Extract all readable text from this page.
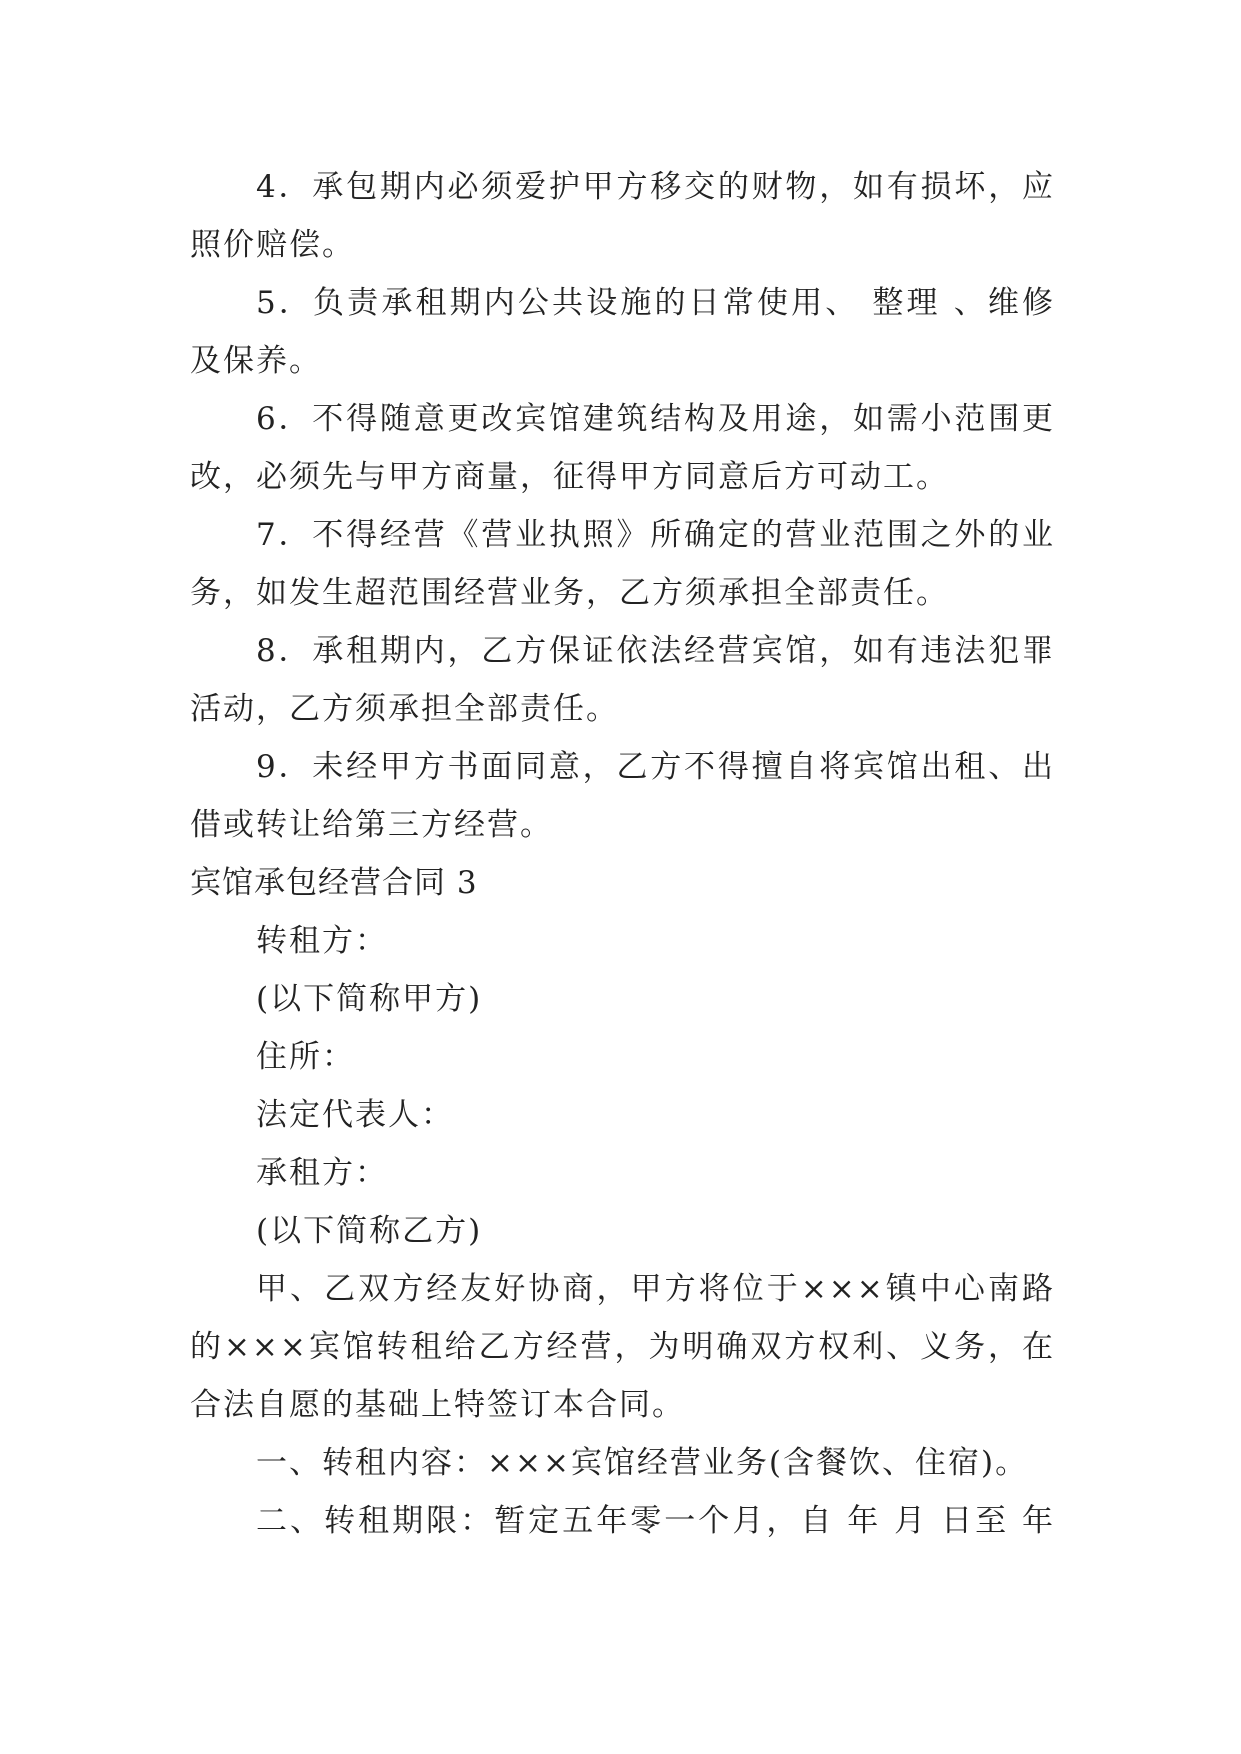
4．承包期内必须爱护甲方移交的财物，如有损坏，应
照价赔偿。
5．负责承租期内公共设施的日常使用、 整理 、维修
及保养。
6．不得随意更改宾馆建筑结构及用途，如需小范围更
改，必须先与甲方商量，征得甲方同意后方可动工。
7．不得经营《营业执照》所确定的营业范围之外的业
务，如发生超范围经营业务，乙方须承担全部责任。
8．承租期内，乙方保证依法经营宾馆，如有违法犯罪
活动，乙方须承担全部责任。
9．未经甲方书面同意，乙方不得擅自将宾馆出租、出
借或转让给第三方经营。
宾馆承包经营合同 3
转租方：
(以下简称甲方)
住所：
法定代表人：
承租方：
(以下简称乙方)
甲、乙双方经友好协商，甲方将位于×××镇中心南路
的×××宾馆转租给乙方经营，为明确双方权利、义务，在
合法自愿的基础上特签订本合同。
一、转租内容：×××宾馆经营业务(含餐饮、住宿)。
二、转租期限：暂定五年零一个月，自 年 月 日至 年
